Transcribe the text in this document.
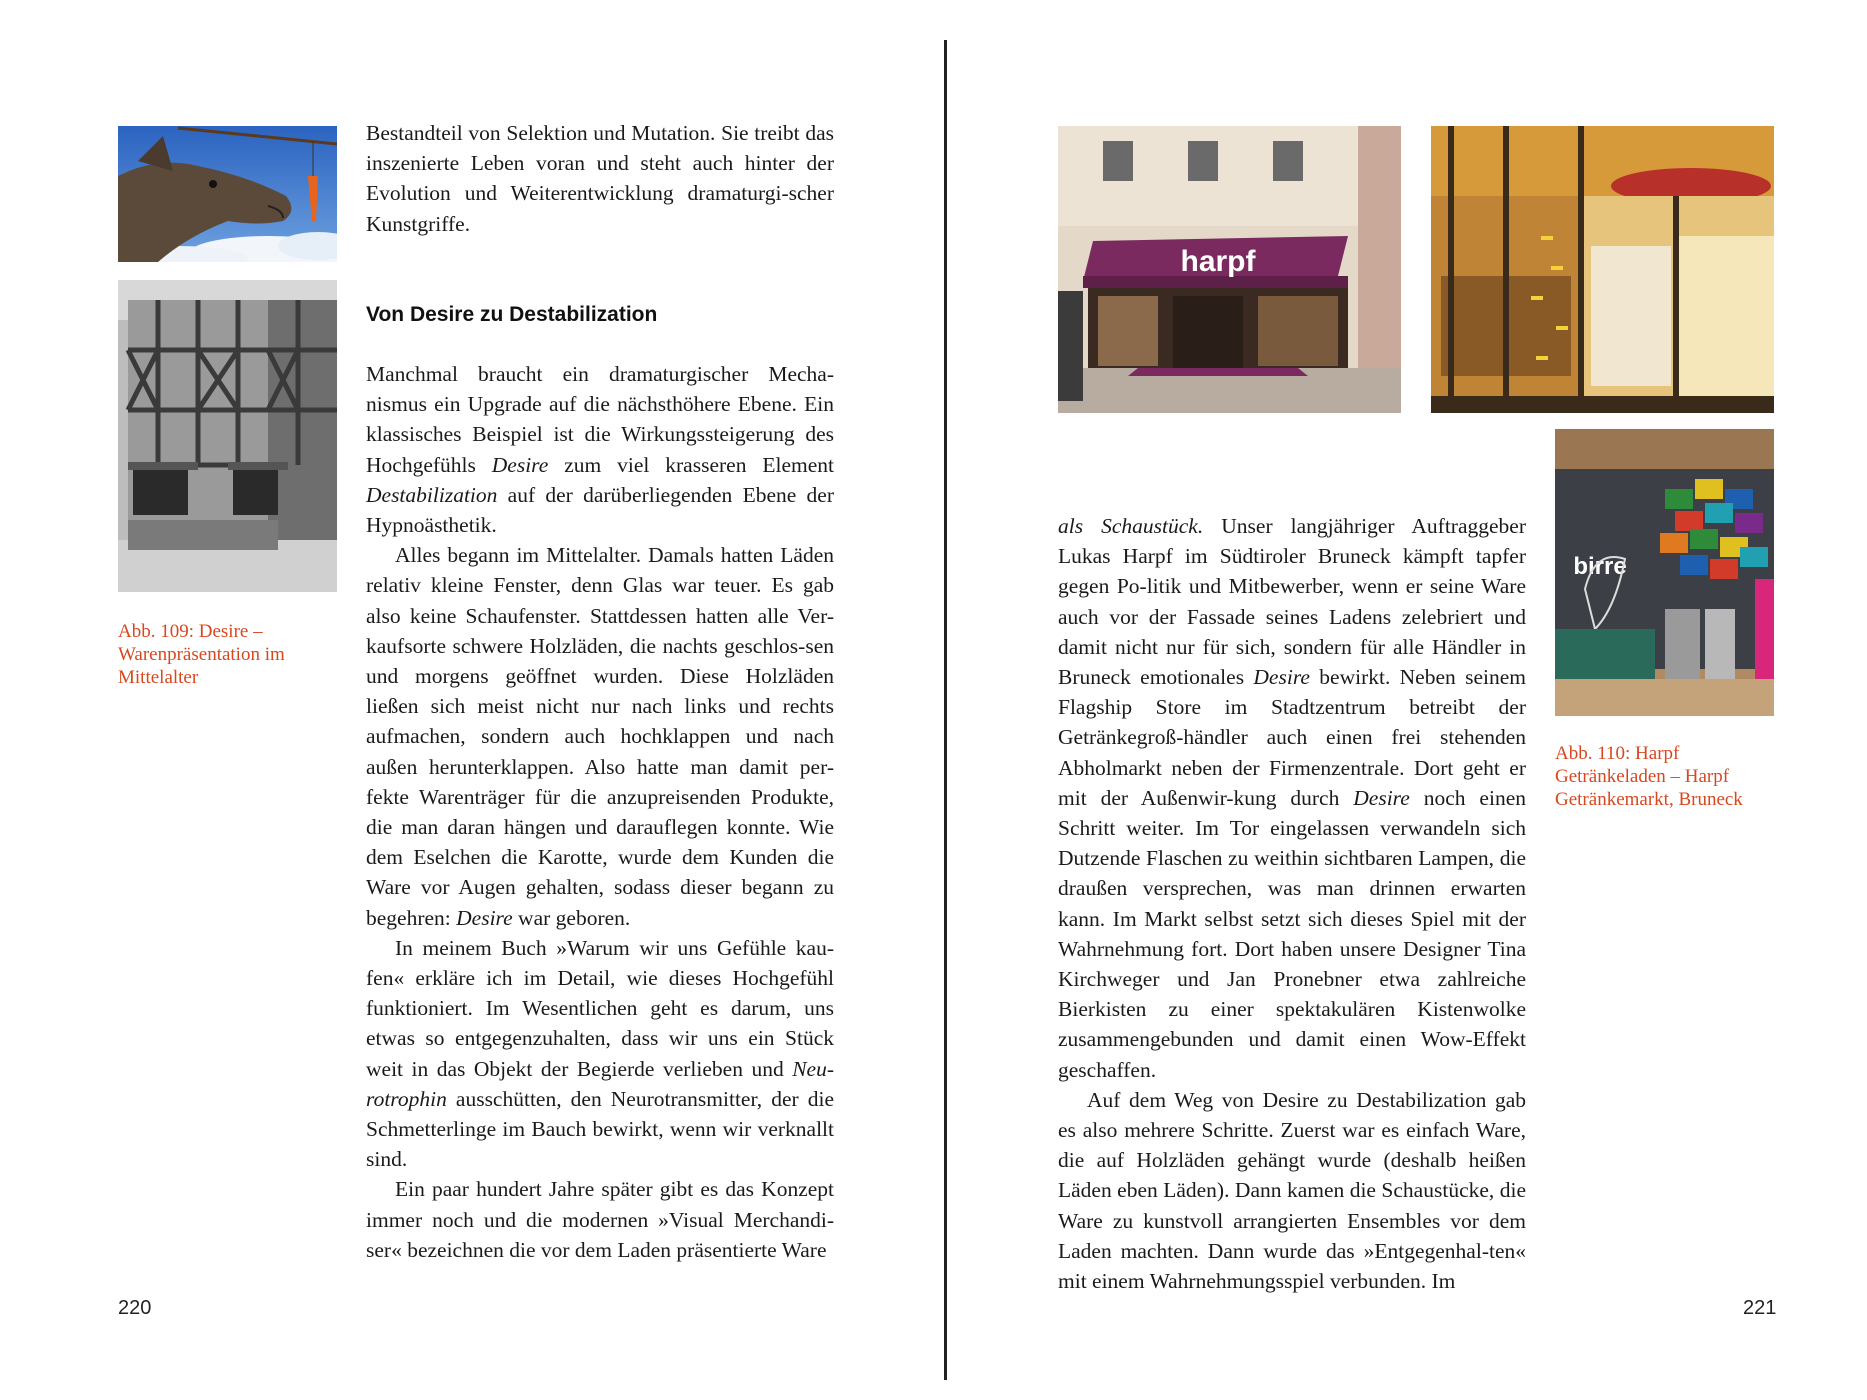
Abb. 109: Desire – Warenpräsentation im Mittelalter

Bestandteil von Selektion und Mutation. Sie treibt das inszenierte Leben voran und steht auch hinter der Evolution und Weiterentwicklung dramaturgi-scher Kunstgriffe.

Von Desire zu Destabilization

Manchmal braucht ein dramaturgischer Mecha-nismus ein Upgrade auf die nächsthöhere Ebene. Ein klassisches Beispiel ist die Wirkungssteigerung des Hochgefühls Desire zum viel krasseren Element Destabilization auf der darüberliegenden Ebene der Hypnoästhetik.

Alles begann im Mittelalter. Damals hatten Läden relativ kleine Fenster, denn Glas war teuer. Es gab also keine Schaufenster. Stattdessen hatten alle Ver-kaufsorte schwere Holzläden, die nachts geschlos-sen und morgens geöffnet wurden. Diese Holzläden ließen sich meist nicht nur nach links und rechts aufmachen, sondern auch hochklappen und nach außen herunterklappen. Also hatte man damit per-fekte Warenträger für die anzupreisenden Produkte, die man daran hängen und darauflegen konnte. Wie dem Eselchen die Karotte, wurde dem Kunden die Ware vor Augen gehalten, sodass dieser begann zu begehren: Desire war geboren.

In meinem Buch »Warum wir uns Gefühle kau-fen« erkläre ich im Detail, wie dieses Hochgefühl funktioniert. Im Wesentlichen geht es darum, uns etwas so entgegenzuhalten, dass wir uns ein Stück weit in das Objekt der Begierde verlieben und Neu-rotrophin ausschütten, den Neurotransmitter, der die Schmetterlinge im Bauch bewirkt, wenn wir verknallt sind.

Ein paar hundert Jahre später gibt es das Konzept immer noch und die modernen »Visual Merchandi-ser« bezeichnen die vor dem Laden präsentierte Ware

220
harpf
birre
Abb. 110: Harpf Getränkeladen – Harpf Getränkemarkt, Bruneck

als Schaustück. Unser langjähriger Auftraggeber Lukas Harpf im Südtiroler Bruneck kämpft tapfer gegen Po-litik und Mitbewerber, wenn er seine Ware auch vor der Fassade seines Ladens zelebriert und damit nicht nur für sich, sondern für alle Händler in Bruneck emotionales Desire bewirkt. Neben seinem Flagship Store im Stadtzentrum betreibt der Getränkegroß-händler auch einen frei stehenden Abholmarkt neben der Firmenzentrale. Dort geht er mit der Außenwir-kung durch Desire noch einen Schritt weiter. Im Tor eingelassen verwandeln sich Dutzende Flaschen zu weithin sichtbaren Lampen, die draußen versprechen, was man drinnen erwarten kann. Im Markt selbst setzt sich dieses Spiel mit der Wahrnehmung fort. Dort haben unsere Designer Tina Kirchweger und Jan Pronebner etwa zahlreiche Bierkisten zu einer spektakulären Kistenwolke zusammengebunden und damit einen Wow-Effekt geschaffen.

Auf dem Weg von Desire zu Destabilization gab es also mehrere Schritte. Zuerst war es einfach Ware, die auf Holzläden gehängt wurde (deshalb heißen Läden eben Läden). Dann kamen die Schaustücke, die Ware zu kunstvoll arrangierten Ensembles vor dem Laden machten. Dann wurde das »Entgegenhal-ten« mit einem Wahrnehmungsspiel verbunden. Im

221
